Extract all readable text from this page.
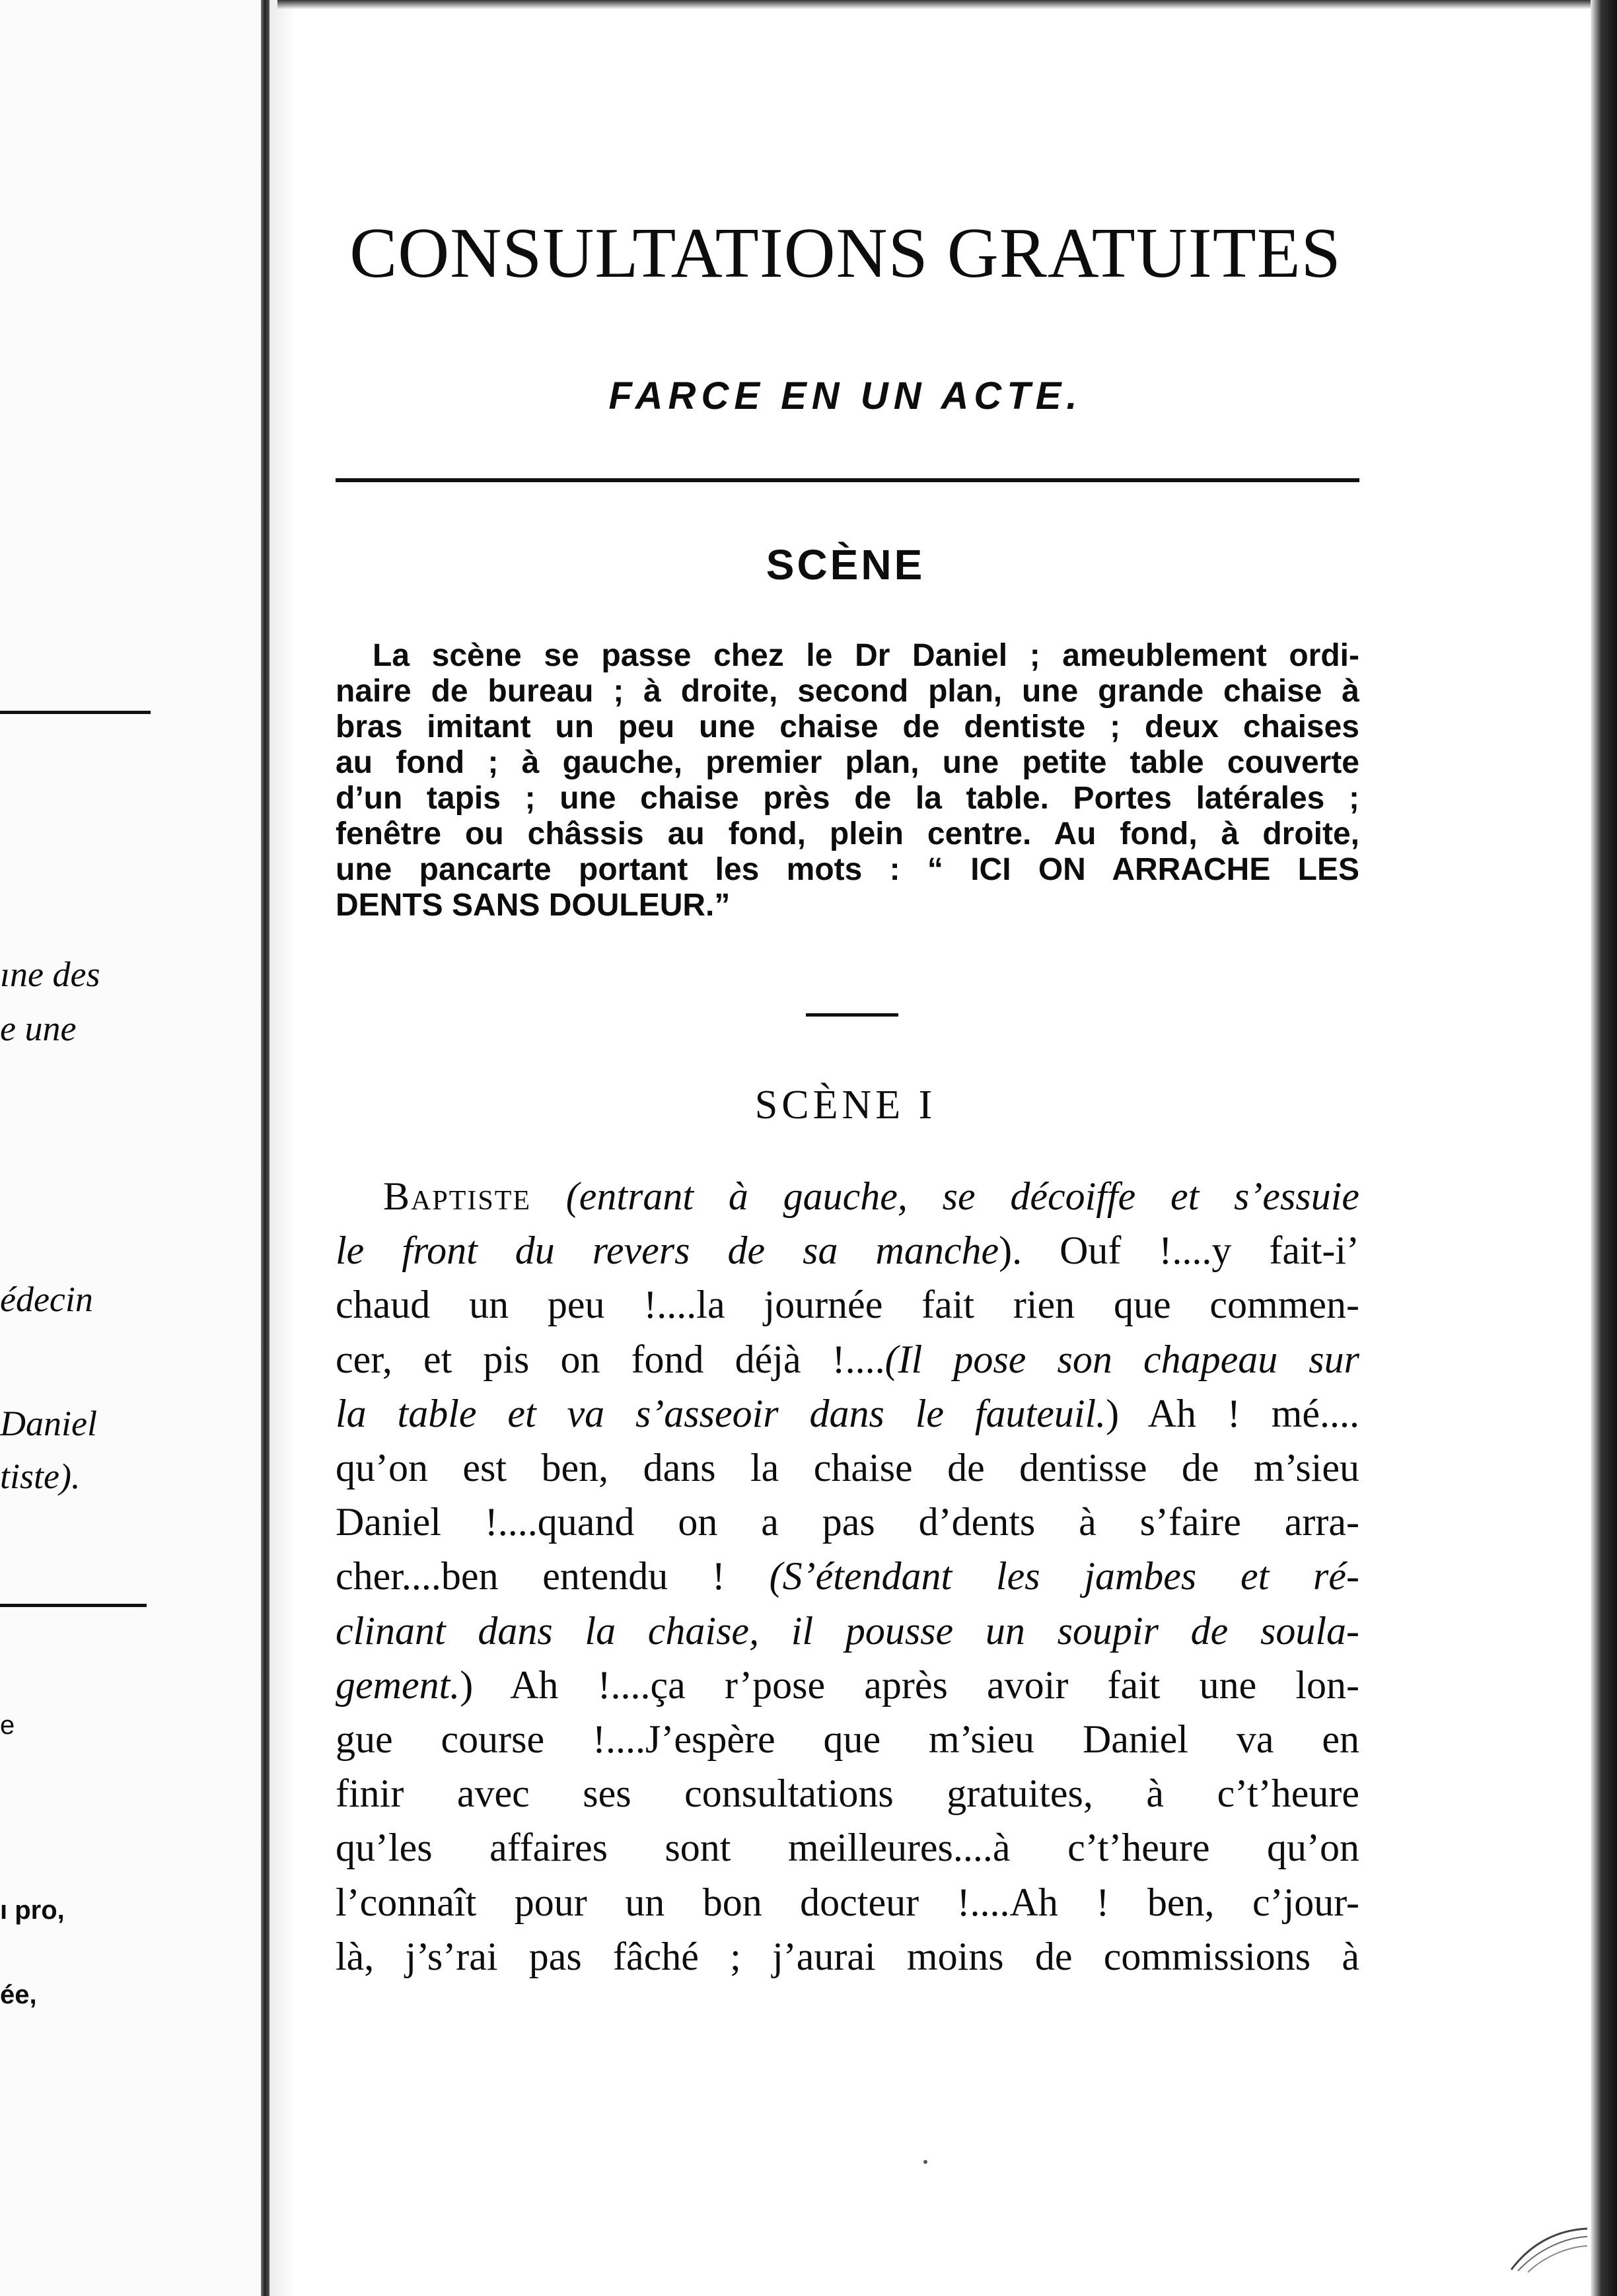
ıne des
e une
édecin
Daniel
tiste).
e
ı pro,
ée,
CONSULTATIONS GRATUITES
FARCE EN UN ACTE.
SCÈNE
La scène se passe chez le Dr Daniel ; ameublement ordi-
naire de bureau ; à droite, second plan, une grande chaise à
bras imitant un peu une chaise de dentiste ; deux chaises
au fond ; à gauche, premier plan, une petite table couverte
d’un tapis ; une chaise près de la table. Portes latérales ;
fenêtre ou châssis au fond, plein centre. Au fond, à droite,
une pancarte portant les mots : “ ICI ON ARRACHE LES
DENTS SANS DOULEUR.”
SCÈNE I
Baptiste (entrant à gauche, se décoiffe et s’essuie
le front du revers de sa manche). Ouf !....y fait-i’
chaud un peu !....la journée fait rien que commen-
cer, et pis on fond déjà !....(Il pose son chapeau sur
la table et va s’asseoir dans le fauteuil.) Ah ! mé....
qu’on est ben, dans la chaise de dentisse de m’sieu
Daniel !....quand on a pas d’dents à s’faire arra-
cher....ben entendu ! (S’étendant les jambes et ré-
clinant dans la chaise, il pousse un soupir de soula-
gement.) Ah !....ça r’pose après avoir fait une lon-
gue course !....J’espère que m’sieu Daniel va en
finir avec ses consultations gratuites, à c’t’heure
qu’les affaires sont meilleures....à c’t’heure qu’on
l’connaît pour un bon docteur !....Ah ! ben, c’jour-
là, j’s’rai pas fâché ; j’aurai moins de commissions à
